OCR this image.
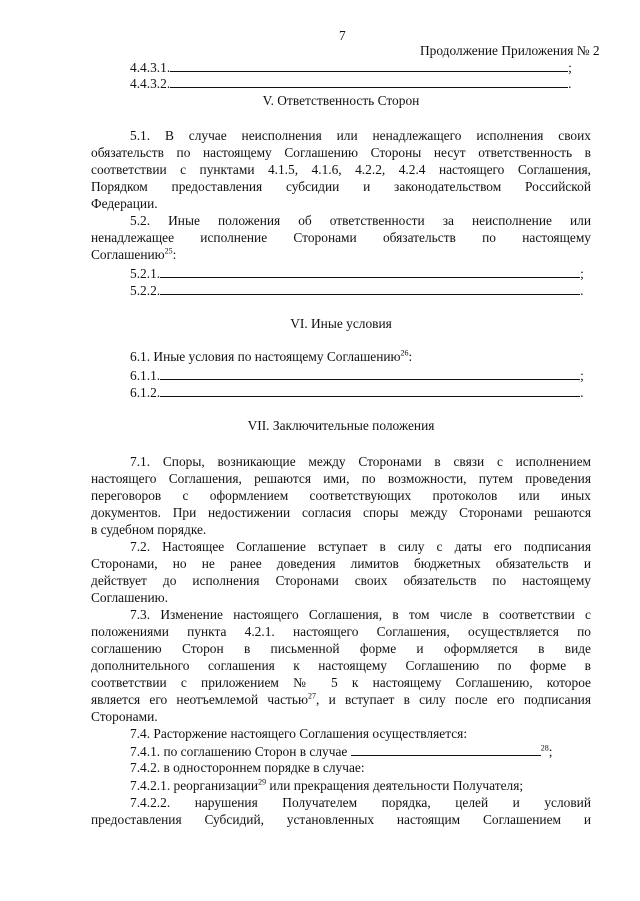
7
Продолжение Приложения № 2
4.4.3.1.	;
4.4.3.2.	.
V. Ответственность Сторон
5.1. В случае неисполнения или ненадлежащего исполнения своих
обязательств по настоящему Соглашению Стороны несут ответственность в
соответствии с пунктами 4.1.5, 4.1.6, 4.2.2, 4.2.4 настоящего Соглашения,
Порядком предоставления субсидии и законодательством Российской
Федерации.
5.2. Иные положения об ответственности за неисполнение или
ненадлежащее исполнение Сторонами обязательств по настоящему
Соглашению$^{25}$:
5.2.1.	;
5.2.2.	.
VI. Иные условия
6.1. Иные условия по настоящему Соглашению$^{26}$:
6.1.1.	;
6.1.2.	.
VII. Заключительные положения
7.1. Споры, возникающие между Сторонами в связи с исполнением
настоящего Соглашения, решаются ими, по возможности, путем проведения
переговоров с оформлением соответствующих протоколов или иных
документов. При недостижении согласия споры между Сторонами решаются
в судебном порядке.
7.2. Настоящее Соглашение вступает в силу с даты его подписания
Сторонами, но не ранее доведения лимитов бюджетных обязательств и
действует до исполнения Сторонами своих обязательств по настоящему
Соглашению.
7.3. Изменение настоящего Соглашения, в том числе в соответствии с
положениями пункта 4.2.1. настоящего Соглашения, осуществляется по
соглашению Сторон в письменной форме и оформляется в виде
дополнительного соглашения к настоящему Соглашению по форме в
соответствии с приложением № 5 к настоящему Соглашению, которое
является его неотъемлемой частью$^{27}$, и вступает в силу после его подписания
Сторонами.
7.4. Расторжение настоящего Соглашения осуществляется:
7.4.1. по соглашению Сторон в случае	$^{28}$;
7.4.2. в одностороннем порядке в случае:
7.4.2.1. реорганизации$^{29}$ или прекращения деятельности Получателя;
7.4.2.2. нарушения Получателем порядка, целей и условий
предоставления Субсидий, установленных настоящим Соглашением и
